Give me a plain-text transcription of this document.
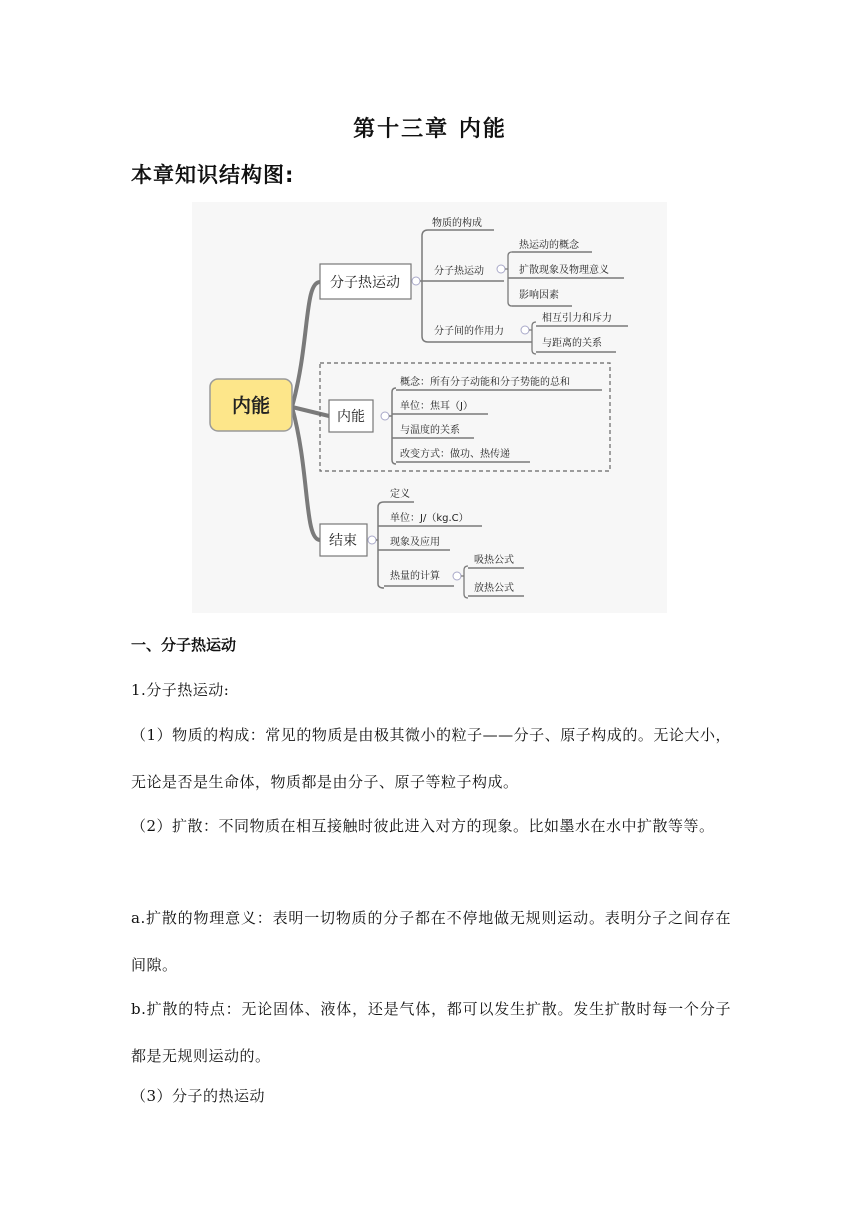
第十三章 内能
本章知识结构图:
内能
分子热运动
物质的构成
分子热运动
分子间的作用力
热运动的概念
扩散现象及物理意义
影响因素
相互引力和斥力
与距离的关系
内能
概念：所有分子动能和分子势能的总和
单位：焦耳（J）
与温度的关系
改变方式：做功、热传递
结束
定义
单位：J/（kg.C）
现象及应用
热量的计算
吸热公式
放热公式
一、分子热运动
1.分子热运动:
（1）物质的构成：常见的物质是由极其微小的粒子——分子、原子构成的。无论大小，无论是否是生命体，物质都是由分子、原子等粒子构成。
（2）扩散：不同物质在相互接触时彼此进入对方的现象。比如墨水在水中扩散等等。
a.扩散的物理意义：表明一切物质的分子都在不停地做无规则运动。表明分子之间存在间隙。
b.扩散的特点：无论固体、液体，还是气体，都可以发生扩散。发生扩散时每一个分子都是无规则运动的。
（3）分子的热运动
